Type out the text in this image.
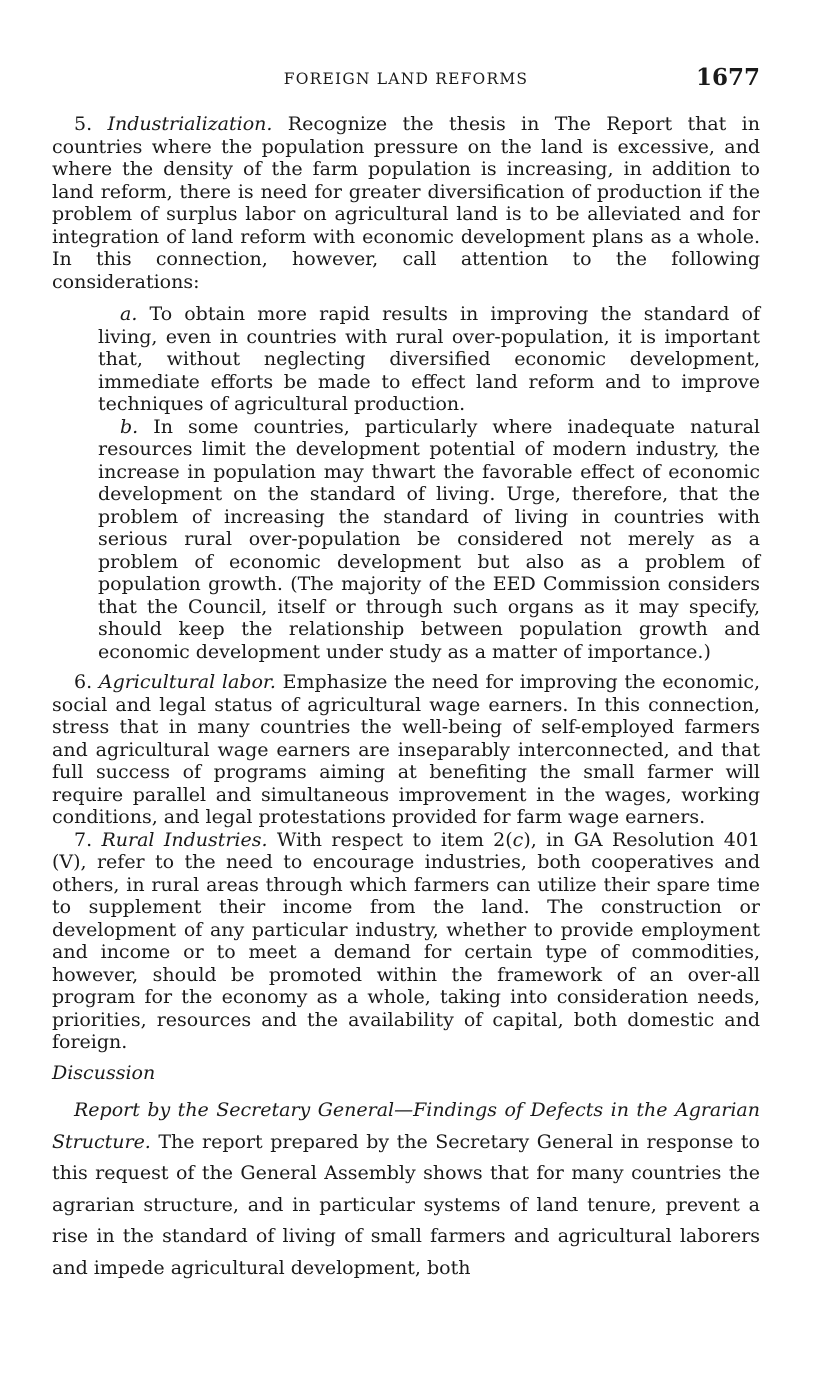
FOREIGN LAND REFORMS	1677

5. Industrialization. Recognize the thesis in The Report that in countries where the population pressure on the land is excessive, and where the density of the farm population is increasing, in addition to land reform, there is need for greater diversification of production if the problem of surplus labor on agricultural land is to be alleviated and for integration of land reform with economic development plans as a whole. In this connection, however, call attention to the following considerations:

a. To obtain more rapid results in improving the standard of living, even in countries with rural over-population, it is important that, without neglecting diversified economic development, immediate efforts be made to effect land reform and to improve techniques of agricultural production.

b. In some countries, particularly where inadequate natural resources limit the development potential of modern industry, the increase in population may thwart the favorable effect of economic development on the standard of living. Urge, therefore, that the problem of increasing the standard of living in countries with serious rural over-population be considered not merely as a problem of economic development but also as a problem of population growth. (The majority of the EED Commission considers that the Council, itself or through such organs as it may specify, should keep the relationship between population growth and economic development under study as a matter of importance.)

6. Agricultural labor. Emphasize the need for improving the economic, social and legal status of agricultural wage earners. In this connection, stress that in many countries the well-being of self-employed farmers and agricultural wage earners are inseparably interconnected, and that full success of programs aiming at benefiting the small farmer will require parallel and simultaneous improvement in the wages, working conditions, and legal protestations provided for farm wage earners.

7. Rural Industries. With respect to item 2(c), in GA Resolution 401 (V), refer to the need to encourage industries, both cooperatives and others, in rural areas through which farmers can utilize their spare time to supplement their income from the land. The construction or development of any particular industry, whether to provide employment and income or to meet a demand for certain type of commodities, however, should be promoted within the framework of an over-all program for the economy as a whole, taking into consideration needs, priorities, resources and the availability of capital, both domestic and foreign.

Discussion

Report by the Secretary General—Findings of Defects in the Agrarian Structure. The report prepared by the Secretary General in response to this request of the General Assembly shows that for many countries the agrarian structure, and in particular systems of land tenure, prevent a rise in the standard of living of small farmers and agricultural laborers and impede agricultural development, both
